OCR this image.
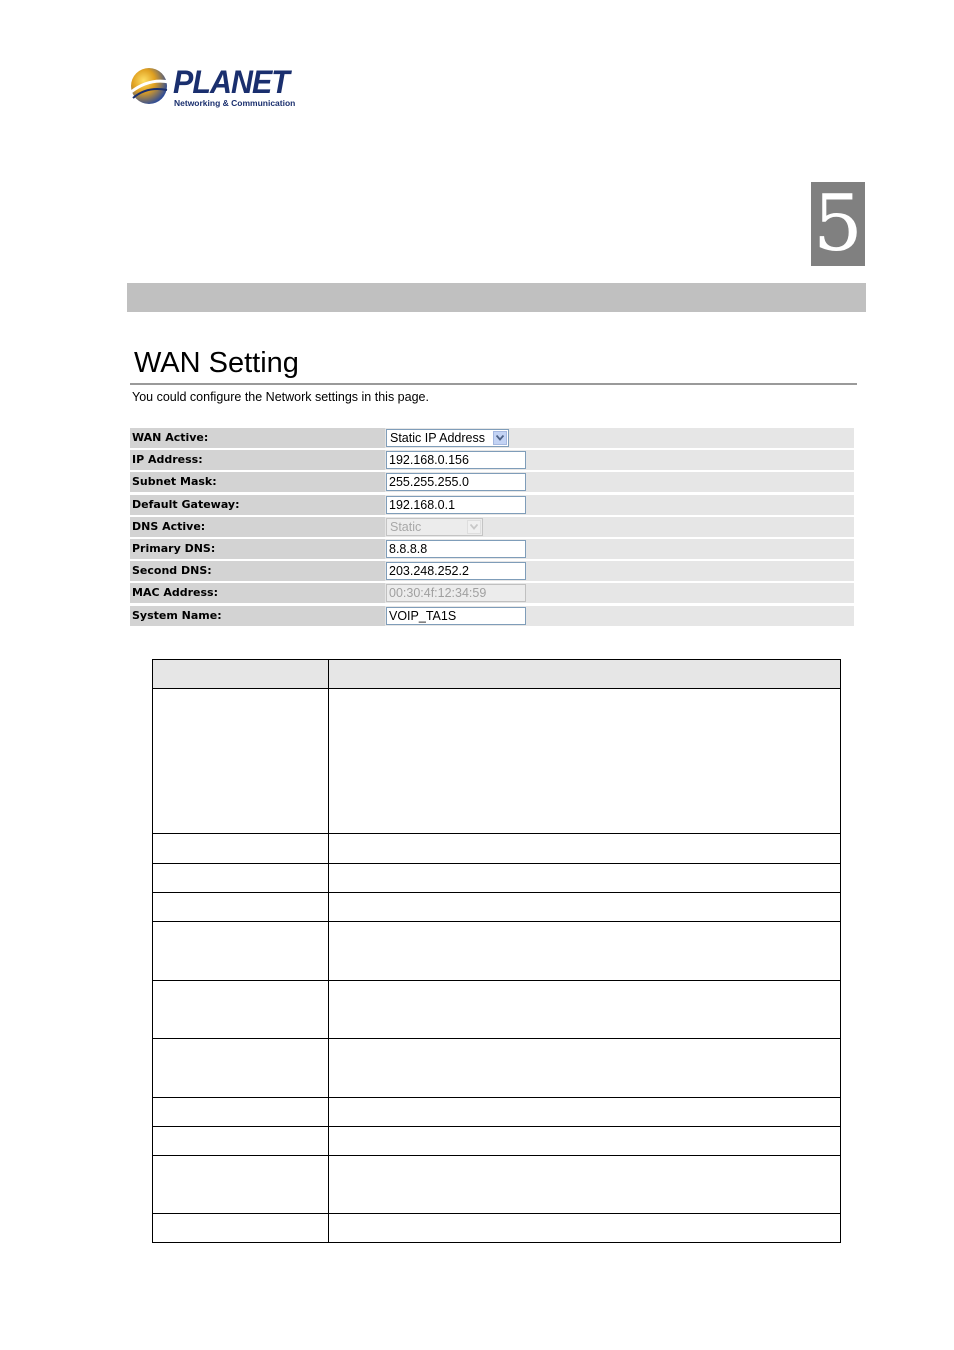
PLANET
Networking & Communication
5
WAN Setting
You could configure the Network settings in this page.
WAN Active:	Static IP Address
IP Address:	192.168.0.156
Subnet Mask:	255.255.255.0
Default Gateway:	192.168.0.1
DNS Active:	Static
Primary DNS:	8.8.8.8
Second DNS:	203.248.252.2
MAC Address:	00:30:4f:12:34:59
System Name:	VOIP_TA1S
